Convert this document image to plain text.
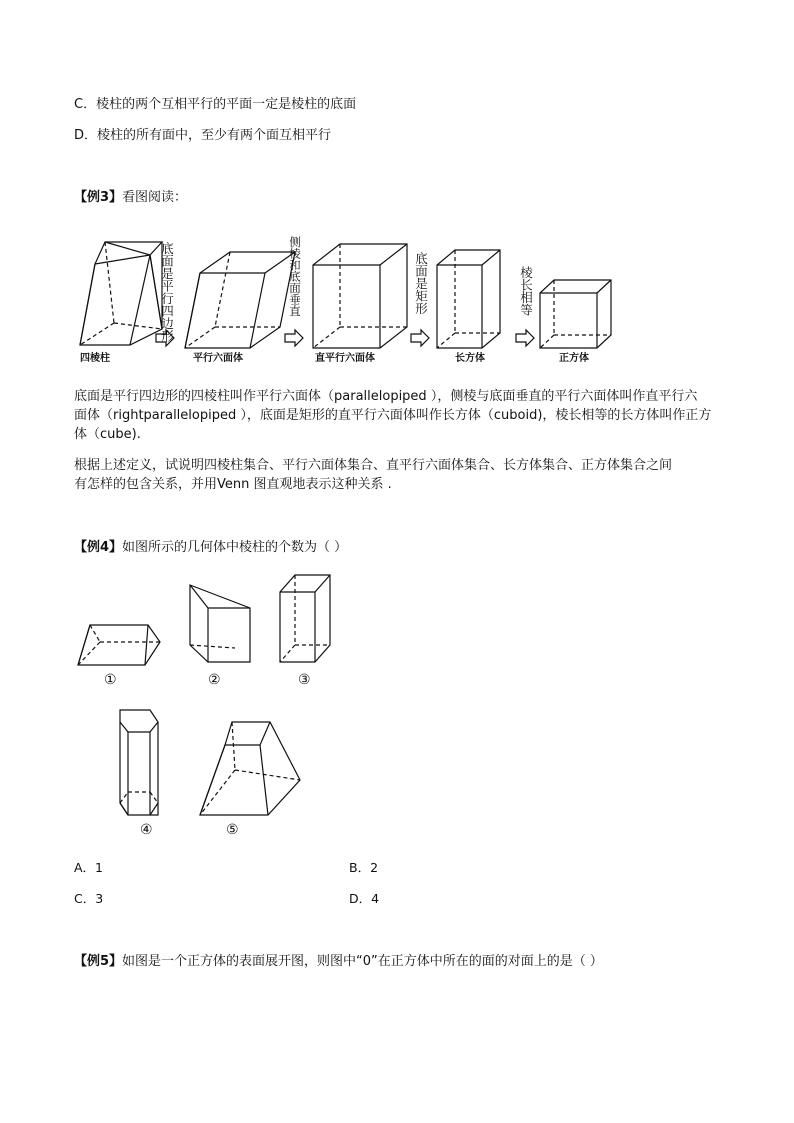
C．棱柱的两个互相平行的平面一定是棱柱的底面
D．棱柱的所有面中，至少有两个面互相平行
【例3】看图阅读：
底面是平行四边形	侧棱和底面垂直	底面是矩形	棱长相等
四棱柱	平行六面体	直平行六面体	长方体	正方体
底面是平行四边形的四棱柱叫作平行六面体（parallelopiped ），侧棱与底面垂直的平行六面体叫作直平行六
面体（rightparallelopiped ），底面是矩形的直平行六面体叫作长方体（cuboid)，棱长相等的长方体叫作正方
体（cube).
根据上述定义，试说明四棱柱集合、平行六面体集合、直平行六面体集合、长方体集合、正方体集合之间
有怎样的包含关系，并用Venn 图直观地表示这种关系 .
【例4】如图所示的几何体中棱柱的个数为（ ）
①	②	③
④	⑤
A．1	B．2
C．3	D．4
【例5】如图是一个正方体的表面展开图，则图中“0”在正方体中所在的面的对面上的是（ ）
